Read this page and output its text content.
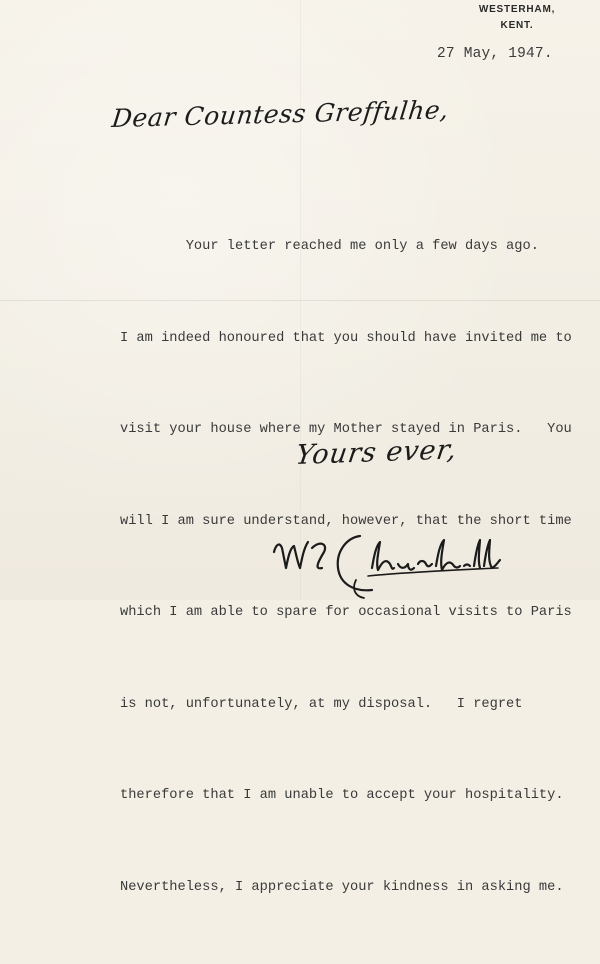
WESTERHAM,
KENT.
27 May, 1947.
Dear Countess Greffulhe,

Your letter reached me only a few days ago.

I am indeed honoured that you should have invited me to

visit your house where my Mother stayed in Paris.   You

will I am sure understand, however, that the short time

which I am able to spare for occasional visits to Paris

is not, unfortunately, at my disposal.   I regret

therefore that I am unable to accept your hospitality.

Nevertheless, I appreciate your kindness in asking me.

Yours ever,
